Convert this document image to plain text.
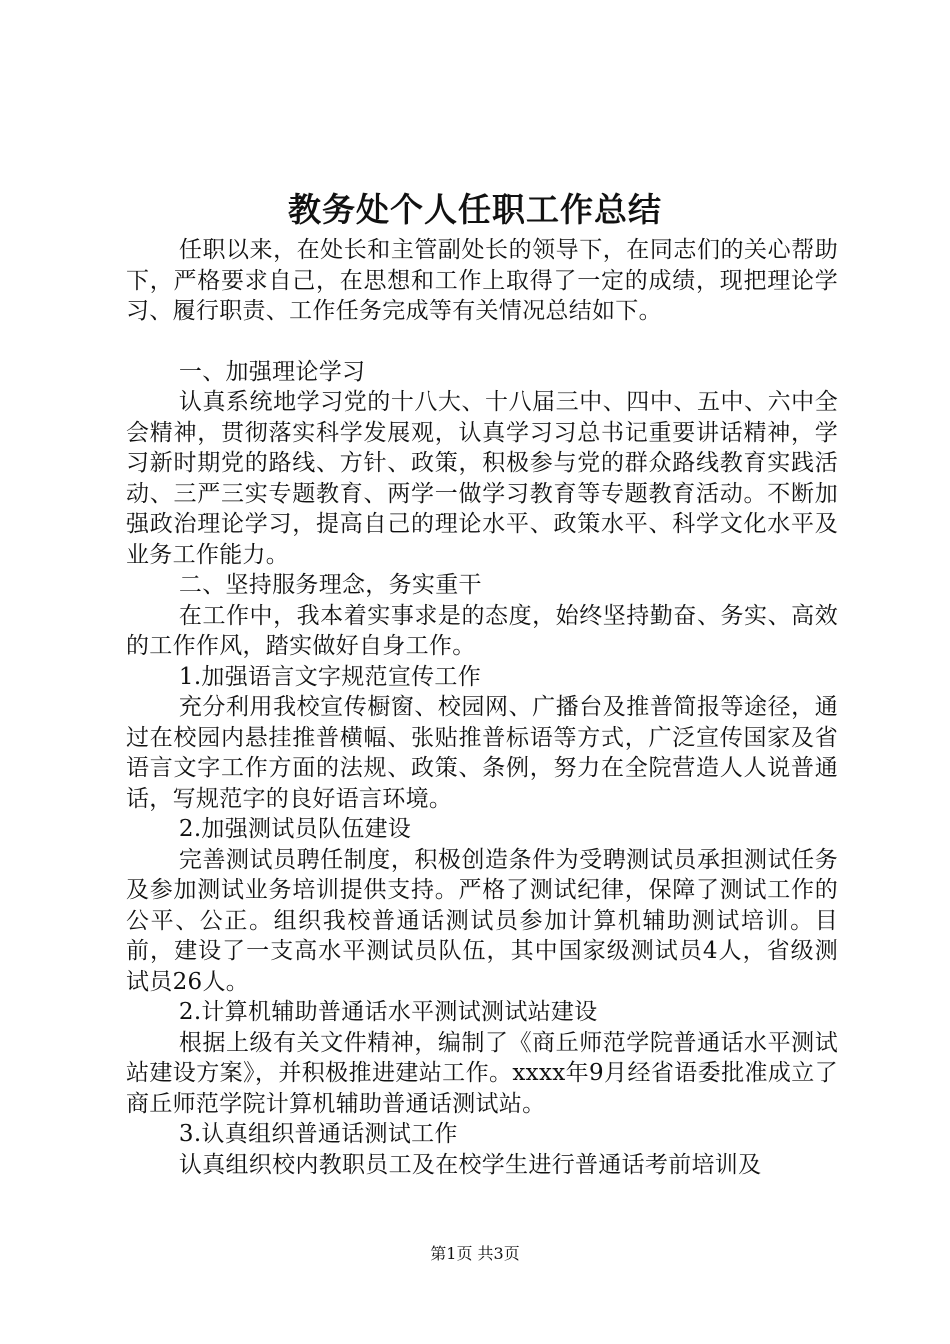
教务处个人任职工作总结

任职以来，在处长和主管副处长的领导下，在同志们的关心帮助下，严格要求自己，在思想和工作上取得了一定的成绩，现把理论学习、履行职责、工作任务完成等有关情况总结如下。

一、加强理论学习

认真系统地学习党的十八大、十八届三中、四中、五中、六中全会精神，贯彻落实科学发展观，认真学习习总书记重要讲话精神，学习新时期党的路线、方针、政策，积极参与党的群众路线教育实践活动、三严三实专题教育、两学一做学习教育等专题教育活动。不断加强政治理论学习，提高自己的理论水平、政策水平、科学文化水平及业务工作能力。

二、坚持服务理念，务实重干

在工作中，我本着实事求是的态度，始终坚持勤奋、务实、高效的工作作风，踏实做好自身工作。

1.加强语言文字规范宣传工作

充分利用我校宣传橱窗、校园网、广播台及推普简报等途径，通过在校园内悬挂推普横幅、张贴推普标语等方式，广泛宣传国家及省语言文字工作方面的法规、政策、条例，努力在全院营造人人说普通话，写规范字的良好语言环境。

2.加强测试员队伍建设

完善测试员聘任制度，积极创造条件为受聘测试员承担测试任务及参加测试业务培训提供支持。严格了测试纪律，保障了测试工作的公平、公正。组织我校普通话测试员参加计算机辅助测试培训。目前，建设了一支高水平测试员队伍，其中国家级测试员4人，省级测试员26人。

2.计算机辅助普通话水平测试测试站建设

根据上级有关文件精神，编制了《商丘师范学院普通话水平测试站建设方案》，并积极推进建站工作。xxxx年9月经省语委批准成立了商丘师范学院计算机辅助普通话测试站。

3.认真组织普通话测试工作

认真组织校内教职员工及在校学生进行普通话考前培训及

第1页 共3页
